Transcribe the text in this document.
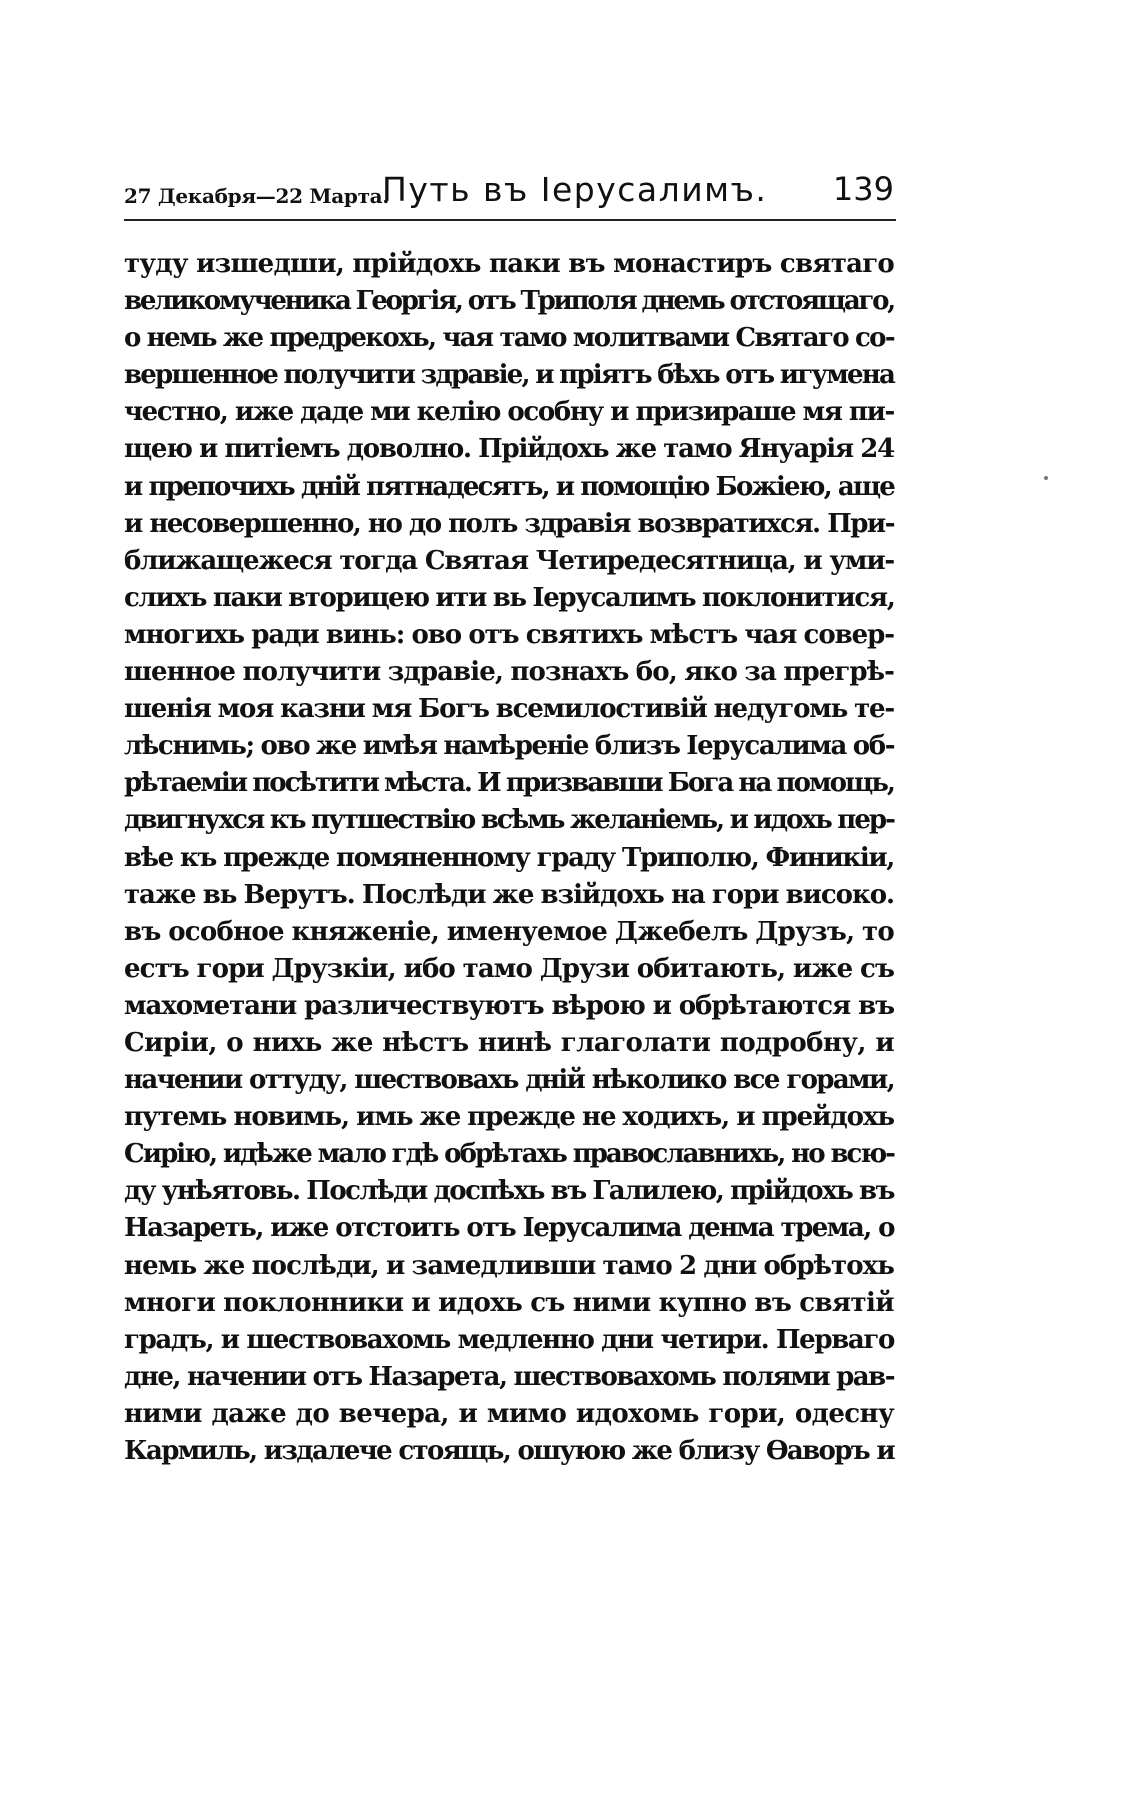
27 Декабря—22 Марта.
Путь въ Іерусалимъ. 139
туду изшедши, прійдохь паки въ монастиръ святаго
великомученика Георгія, отъ Триполя днемь отстоящаго,
о немь же предрекохь, чая тамо молитвами Святаго со-
вершенное получити здравіе, и пріятъ бѣхь отъ игумена
честно, иже даде ми келію особну и призираше мя пи-
щею и питіемъ доволно. Прійдохь же тамо Януарія 24
и препочихь дній пятнадесятъ, и помощію Божіею, аще
и несовершенно, но до полъ здравія возвратихся. При-
ближащежеся тогда Святая Четиредесятница, и уми-
слихъ паки вторицею ити вь Іерусалимъ поклонитися,
многихь ради винь: ово отъ святихъ мѣстъ чая совер-
шенное получити здравіе, познахъ бо, яко за прегрѣ-
шенія моя казни мя Богъ всемилостивій недугомь те-
лѣснимь; ово же имѣя намѣреніе близъ Іерусалима об-
рѣтаеміи посѣтити мѣста. И призвавши Бога на помощь,
двигнухся къ путшествію всѣмь желаніемь, и идохь пер-
вѣе къ прежде помяненному граду Триполю, Финикіи,
таже вь Верутъ. Послѣди же взійдохь на гори високо.
въ особное княженіе, именуемое Джебелъ Друзъ, то
естъ гори Друзкіи, ибо тамо Друзи обитають, иже съ
махометани различествуютъ вѣрою и обрѣтаются въ
Сиріи, о нихь же нѣстъ нинѣ глаголати подробну, и
начении оттуду, шествовахь дній нѣколико все горами,
путемь новимь, имь же прежде не ходихъ, и прейдохь
Сирію, идѣже мало гдѣ обрѣтахь православнихь, но всю-
ду унѣятовь. Послѣди доспѣхь въ Галилею, прійдохь въ
Назареть, иже отстоить отъ Іерусалима денма трема, о
немь же послѣди, и замедливши тамо 2 дни обрѣтохь
многи поклонники и идохь съ ними купно въ святій
градъ, и шествовахомь медленно дни четири. Перваго
дне, начении отъ Назарета, шествовахомь полями рав-
ними даже до вечера, и мимо идохомь гори, одесну
Кармиль, издалече стоящь, ошуюю же близу Ѳаворъ и
